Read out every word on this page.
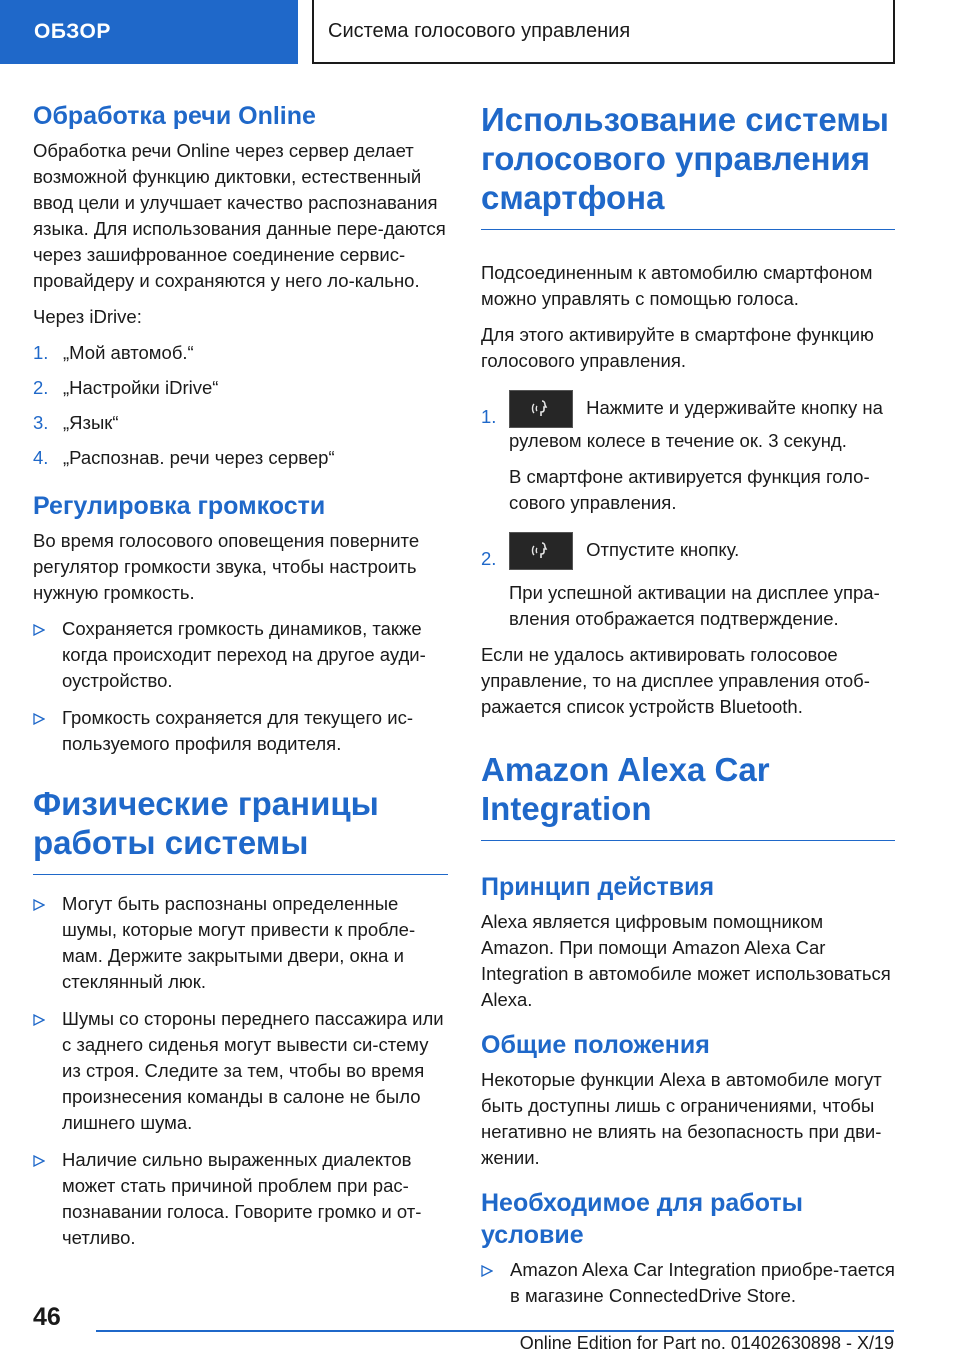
ОБЗОР	Система голосового управления
Обработка речи Online

Обработка речи Online через сервер делает возможной функцию диктовки, естественный ввод цели и улучшает качество распознавания языка. Для использования данные пере-даются через зашифрованное соединение сервис-провайдеру и сохраняются у него ло-кально.

Через iDrive:

1. „Мой автомоб.“
2. „Настройки iDrive“
3. „Язык“
4. „Распознав. речи через сервер“
Регулировка громкости

Во время голосового оповещения поверните регулятор громкости звука, чтобы настроить нужную громкость.

Сохраняется громкость динамиков, также когда происходит переход на другое ауди-оустройство.
Громкость сохраняется для текущего ис-пользуемого профиля водителя.
Физические границы работы системы
Могут быть распознаны определенные шумы, которые могут привести к пробле-мам. Держите закрытыми двери, окна и стеклянный люк.
Шумы со стороны переднего пассажира или с заднего сиденья могут вывести си-стему из строя. Следите за тем, чтобы во время произнесения команды в салоне не было лишнего шума.
Наличие сильно выраженных диалектов может стать причиной проблем при рас-познавании голоса. Говорите громко и от-четливо.
Использование системы голосового управления смартфона

Подсоединенным к автомобилю смартфоном можно управлять с помощью голоса.

Для этого активируйте в смартфоне функцию голосового управления.

1.	Нажмите и удерживайте кнопку на рулевом колесе в течение ок. 3 секунд.

В смартфоне активируется функция голо-сового управления.

2.	Отпустите кнопку.

При успешной активации на дисплее упра-вления отображается подтверждение.

Если не удалось активировать голосовое управление, то на дисплее управления отоб-ражается список устройств Bluetooth.

Amazon Alexa Car Integration
Принцип действия

Alexa является цифровым помощником Amazon. При помощи Amazon Alexa Car Integration в автомобиле может использоваться Alexa.

Общие положения

Некоторые функции Alexa в автомобиле могут быть доступны лишь с ограничениями, чтобы негативно не влиять на безопасность при дви-жении.

Необходимое для работы условие
Amazon Alexa Car Integration приобре-тается в магазине ConnectedDrive Store.
46
Online Edition for Part no. 01402630898 - X/19
